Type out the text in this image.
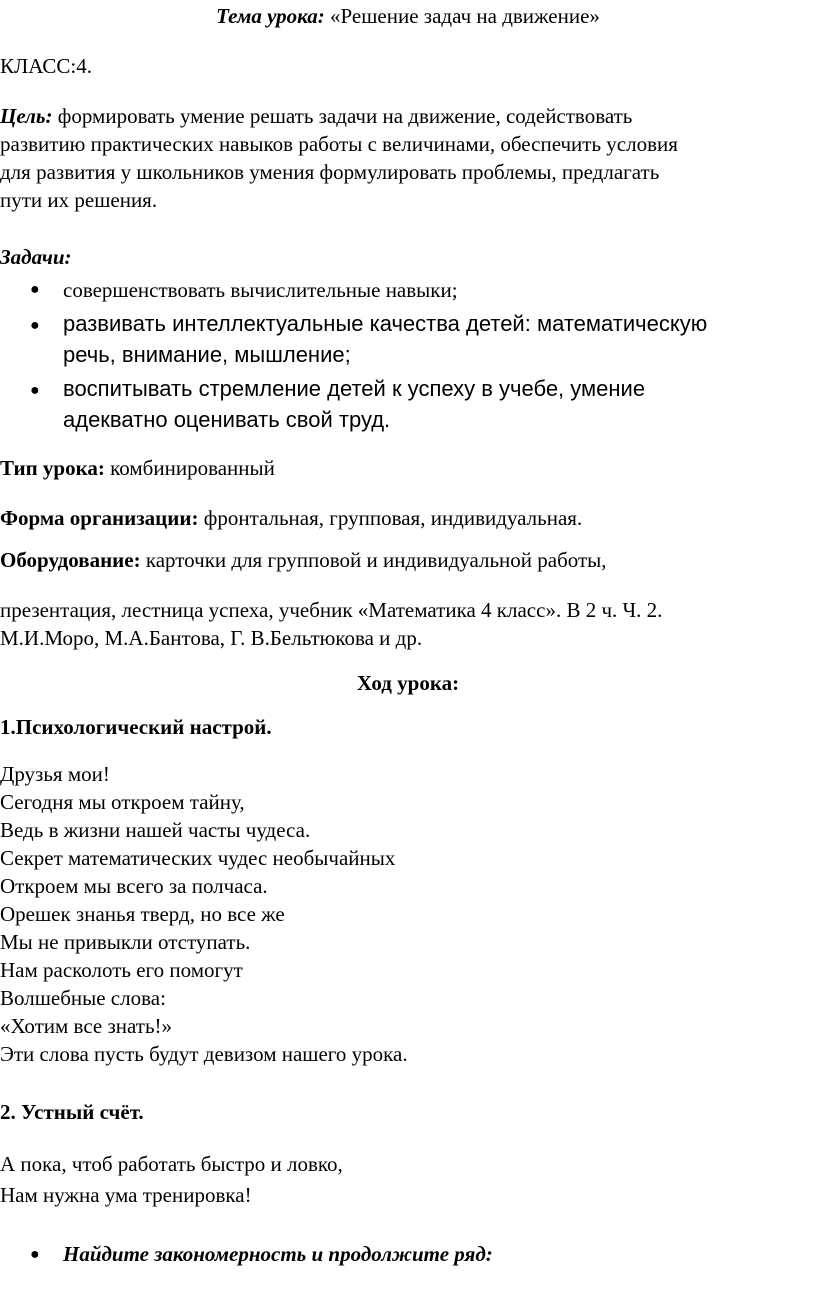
Тема урока: «Решение задач на движение»
КЛАСС:4.
Цель: формировать умение решать задачи на движение, содействовать
развитию практических навыков работы с величинами, обеспечить условия
для развития у школьников умения формулировать проблемы, предлагать
пути их решения.
Задачи:
● совершенствовать вычислительные навыки;
● развивать интеллектуальные качества детей: математическую
речь, внимание, мышление;
● воспитывать стремление детей к успеху в учебе, умение
адекватно оценивать свой труд.
Тип урока: комбинированный
Форма организации: фронтальная, групповая, индивидуальная.
Оборудование: карточки для групповой и индивидуальной работы,
презентация, лестница успеха, учебник «Математика 4 класс». В 2 ч. Ч. 2.
М.И.Моро, М.А.Бантова, Г. В.Бельтюкова и др.
Ход урока:
1.Психологический настрой.
Друзья мои!
Сегодня мы откроем тайну,
Ведь в жизни нашей часты чудеса.
Секрет математических чудес необычайных
Откроем мы всего за полчаса.
Орешек знанья тверд, но все же
Мы не привыкли отступать.
Нам расколоть его помогут
Волшебные слова:
«Хотим все знать!»
Эти слова пусть будут девизом нашего урока.
2. Устный счёт.
А пока, чтоб работать быстро и ловко,
Нам нужна ума тренировка!
● Найдите закономерность и продолжите ряд:
